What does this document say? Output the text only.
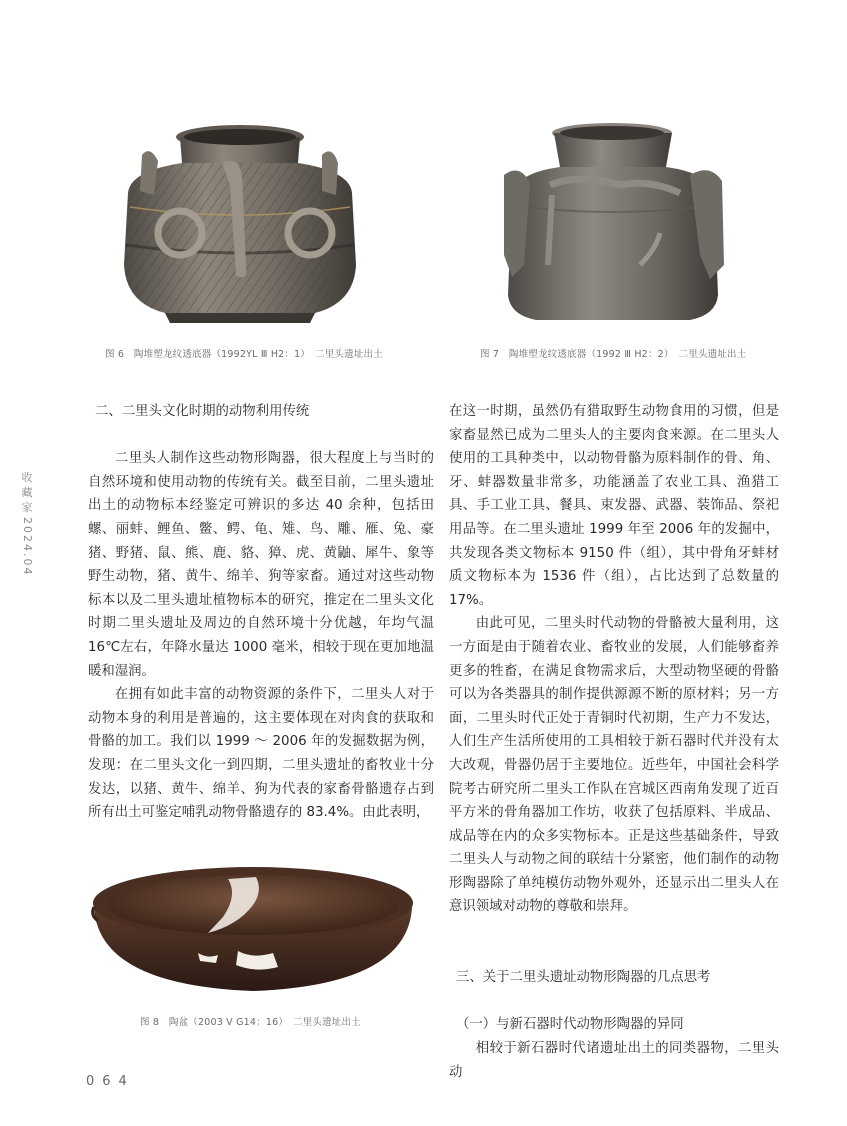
收藏家
2024.04
图 6　陶堆塑龙纹透底器（1992YL Ⅲ H2：1）　二里头遗址出土	图 7　陶堆塑龙纹透底器（1992 Ⅲ H2：2）　二里头遗址出土

二、二里头文化时期的动物利用传统

二里头人制作这些动物形陶器，很大程度上与当时的自然环境和使用动物的传统有关。截至目前，二里头遗址出土的动物标本经鉴定可辨识的多达 40 余种，包括田螺、丽蚌、鲤鱼、鳖、鳄、龟、雉、鸟、雕、雁、兔、豪猪、野猪、鼠、熊、鹿、貉、獐、虎、黄鼬、犀牛、象等野生动物，猪、黄牛、绵羊、狗等家畜。通过对这些动物标本以及二里头遗址植物标本的研究，推定在二里头文化时期二里头遗址及周边的自然环境十分优越，年均气温 16℃左右，年降水量达 1000 毫米，相较于现在更加地温暖和湿润。

在拥有如此丰富的动物资源的条件下，二里头人对于动物本身的利用是普遍的，这主要体现在对肉食的获取和骨骼的加工。我们以 1999 ～ 2006 年的发掘数据为例，发现：在二里头文化一到四期，二里头遗址的畜牧业十分发达，以猪、黄牛、绵羊、狗为代表的家畜骨骼遗存占到所有出土可鉴定哺乳动物骨骼遗存的 83.4%。由此表明，

图 8　陶盆（2003 Ⅴ G14：16）　二里头遗址出土

在这一时期，虽然仍有猎取野生动物食用的习惯，但是家畜显然已成为二里头人的主要肉食来源。在二里头人使用的工具种类中，以动物骨骼为原料制作的骨、角、牙、蚌器数量非常多，功能涵盖了农业工具、渔猎工具、手工业工具、餐具、束发器、武器、装饰品、祭祀用品等。在二里头遗址 1999 年至 2006 年的发掘中，共发现各类文物标本 9150 件（组），其中骨角牙蚌材质文物标本为 1536 件（组），占比达到了总数量的 17%。

由此可见，二里头时代动物的骨骼被大量利用，这一方面是由于随着农业、畜牧业的发展，人们能够畜养更多的牲畜，在满足食物需求后，大型动物坚硬的骨骼可以为各类器具的制作提供源源不断的原材料；另一方面，二里头时代正处于青铜时代初期，生产力不发达，人们生产生活所使用的工具相较于新石器时代并没有太大改观，骨器仍居于主要地位。近些年，中国社会科学院考古研究所二里头工作队在宫城区西南角发现了近百平方米的骨角器加工作坊，收获了包括原料、半成品、成品等在内的众多实物标本。正是这些基础条件，导致二里头人与动物之间的联结十分紧密，他们制作的动物形陶器除了单纯模仿动物外观外，还显示出二里头人在意识领域对动物的尊敬和崇拜。

三、关于二里头遗址动物形陶器的几点思考

（一）与新石器时代动物形陶器的异同

相较于新石器时代诸遗址出土的同类器物，二里头动

064
